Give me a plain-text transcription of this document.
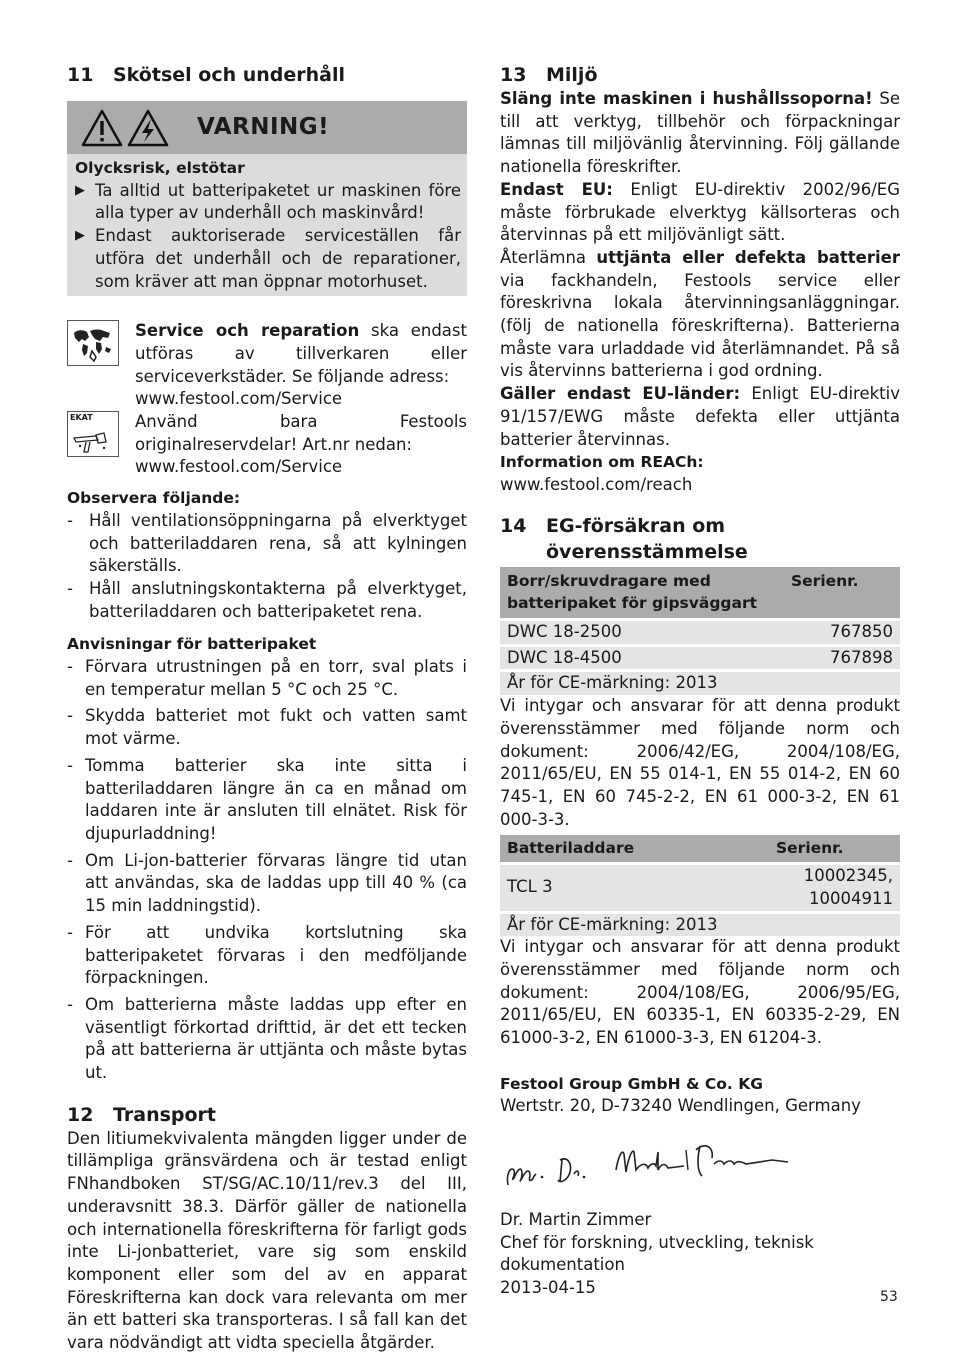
11	Skötsel och underhåll
VARNING!
Olycksrisk, elstötar
▶ Ta alltid ut batteripaketet ur maskinen före alla typer av underhåll och maskinvård!
▶ Endast auktoriserade serviceställen får utföra det underhåll och de reparationer, som kräver att man öppnar motorhuset.
Service och reparation ska endast utföras av tillverkaren eller serviceverkstäder. Se följande adress:
www.festool.com/Service
EKAT	Använd bara Festools originalreservdelar! Art.nr nedan:
www.festool.com/Service
Observera följande:
- Håll ventilationsöppningarna på elverktyget och batteriladdaren rena, så att kylningen säkerställs.
- Håll anslutningskontakterna på elverktyget, batteriladdaren och batteripaketet rena.
Anvisningar för batteripaket
- Förvara utrustningen på en torr, sval plats i en temperatur mellan 5 °C och 25 °C.
- Skydda batteriet mot fukt och vatten samt mot värme.
- Tomma batterier ska inte sitta i batteriladdaren längre än ca en månad om laddaren inte är ansluten till elnätet. Risk för djupurladdning!
- Om Li-jon-batterier förvaras längre tid utan att användas, ska de laddas upp till 40 % (ca 15 min laddningstid).
- För att undvika kortslutning ska batteripaketet förvaras i den medföljande förpackningen.
- Om batterierna måste laddas upp efter en väsentligt förkortad drifttid, är det ett tecken på att batterierna är uttjänta och måste bytas ut.
12	Transport

Den litiumekvivalenta mängden ligger under de tillämpliga gränsvärdena och är testad enligt FNhandboken ST/SG/AC.10/11/rev.3 del III, underavsnitt 38.3. Därför gäller de nationella och internationella föreskrifterna för farligt gods inte Li-jonbatteriet, vare sig som enskild komponent eller som del av en apparat Föreskrifterna kan dock vara relevanta om mer än ett batteri ska transporteras. I så fall kan det vara nödvändigt att vidta speciella åtgärder.

13	Miljö

Släng inte maskinen i hushållssoporna! Se till att verktyg, tillbehör och förpackningar lämnas till miljövänlig återvinning. Följ gällande nationella föreskrifter.

Endast EU: Enligt EU-direktiv 2002/96/EG måste förbrukade elverktyg källsorteras och återvinnas på ett miljövänligt sätt.

Återlämna uttjänta eller defekta batterier via fackhandeln, Festools service eller föreskrivna lokala återvinningsanläggningar. (följ de nationella föreskrifterna). Batterierna måste vara urladdade vid återlämnandet. På så vis återvinns batterierna i god ordning.

Gäller endast EU-länder: Enligt EU-direktiv 91/157/EWG måste defekta eller uttjänta batterier återvinnas.

Information om REACh: www.festool.com/reach

14	EG-försäkran om överensstämmelse
Borr/skruvdragare med batteripaket för gipsväggart	Serienr.
DWC 18-2500	767850
DWC 18-4500	767898
År för CE-märkning: 2013	

Vi intygar och ansvarar för att denna produkt överensstämmer med följande norm och dokument: 2006/42/EG, 2004/108/EG, 2011/65/EU, EN 55 014-1, EN 55 014-2, EN 60 745-1, EN 60 745-2-2, EN 61 000-3-2, EN 61 000-3-3.

Batteriladdare	Serienr.
TCL 3	10002345, 10004911
År för CE-märkning: 2013	

Vi intygar och ansvarar för att denna produkt överensstämmer med följande norm och dokument: 2004/108/EG, 2006/95/EG, 2011/65/EU, EN 60335-1, EN 60335-2-29, EN 61000-3-2, EN 61000-3-3, EN 61204-3.

Festool Group GmbH & Co. KG

Wertstr. 20, D-73240 Wendlingen, Germany

Dr. Martin Zimmer

Chef för forskning, utveckling, teknisk dokumentation

2013-04-15

53
